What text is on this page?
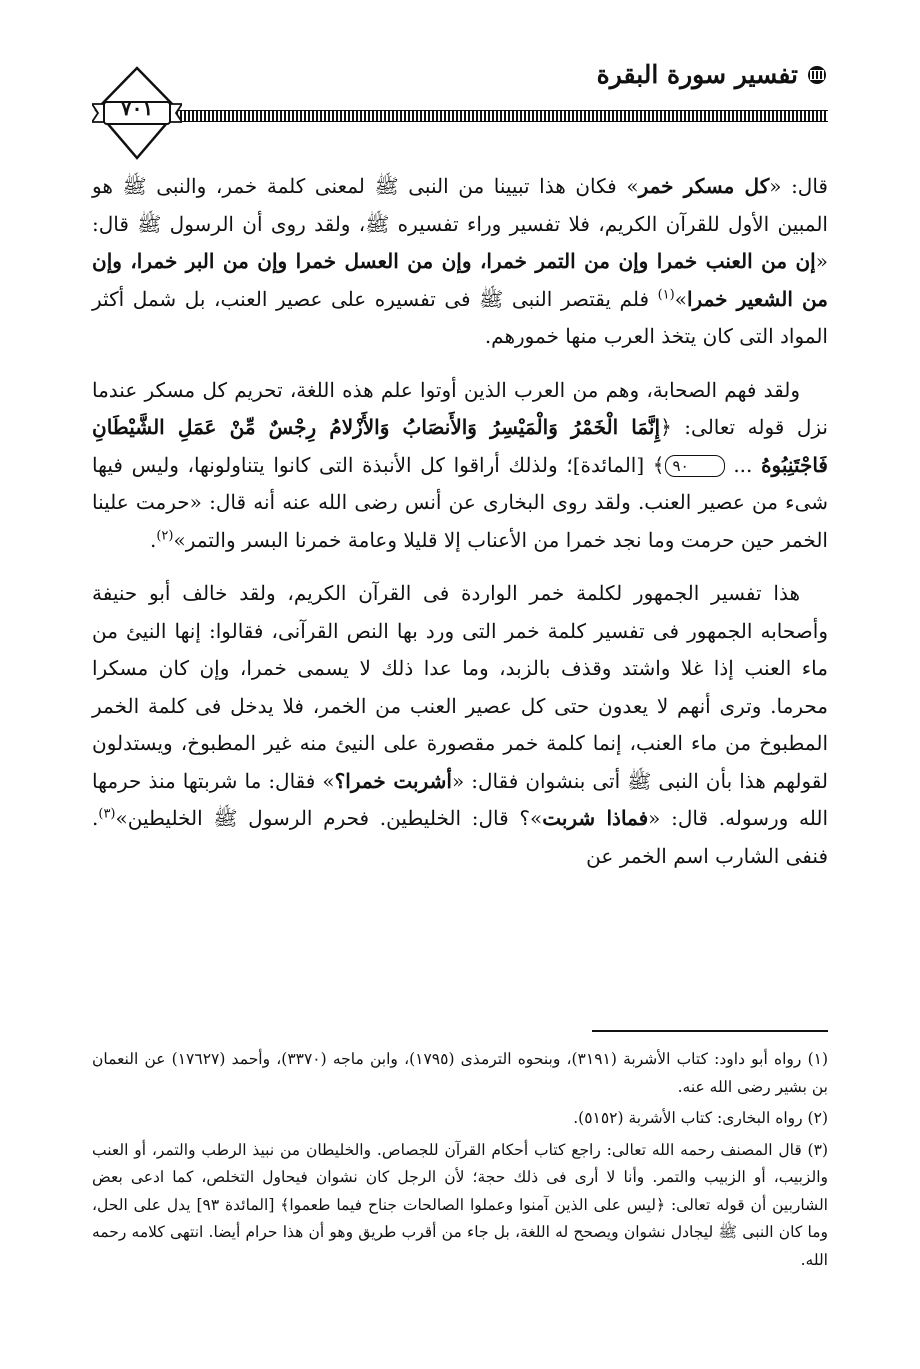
تفسير سورة البقرة
٧٠١

قال: «كل مسكر خمر» فكان هذا تبيينا من النبى ﷺ لمعنى كلمة خمر، والنبى ﷺ هو المبين الأول للقرآن الكريم، فلا تفسير وراء تفسيره ﷺ، ولقد روى أن الرسول ﷺ قال: «إن من العنب خمرا وإن من التمر خمرا، وإن من العسل خمرا وإن من البر خمرا، وإن من الشعير خمرا»$^{(١)}$ فلم يقتصر النبى ﷺ فى تفسيره على عصير العنب، بل شمل أكثر المواد التى كان يتخذ العرب منها خمورهم.

ولقد فهم الصحابة، وهم من العرب الذين أوتوا علم هذه اللغة، تحريم كل مسكر عندما نزل قوله تعالى: ﴿إِنَّمَا الْخَمْرُ وَالْمَيْسِرُ وَالأَنصَابُ وَالأَزْلامُ رِجْسٌ مِّنْ عَمَلِ الشَّيْطَانِ فَاجْتَنِبُوهُ ... ٩٠﴾ [المائدة]؛ ولذلك أراقوا كل الأنبذة التى كانوا يتناولونها، وليس فيها شىء من عصير العنب. ولقد روى البخارى عن أنس رضى الله عنه أنه قال: «حرمت علينا الخمر حين حرمت وما نجد خمرا من الأعناب إلا قليلا وعامة خمرنا البسر والتمر»$^{(٢)}$.

هذا تفسير الجمهور لكلمة خمر الواردة فى القرآن الكريم، ولقد خالف أبو حنيفة وأصحابه الجمهور فى تفسير كلمة خمر التى ورد بها النص القرآنى، فقالوا: إنها النيئ من ماء العنب إذا غلا واشتد وقذف بالزبد، وما عدا ذلك لا يسمى خمرا، وإن كان مسكرا محرما. وترى أنهم لا يعدون حتى كل عصير العنب من الخمر، فلا يدخل فى كلمة الخمر المطبوخ من ماء العنب، إنما كلمة خمر مقصورة على النيئ منه غير المطبوخ، ويستدلون لقولهم هذا بأن النبى ﷺ أتى بنشوان فقال: «أشربت خمرا؟» فقال: ما شربتها منذ حرمها الله ورسوله. قال: «فماذا شربت»؟ قال: الخليطين. فحرم الرسول ﷺ الخليطين»$^{(٣)}$. فنفى الشارب اسم الخمر عن

(١) رواه أبو داود: كتاب الأشربة (٣١٩١)، وبنحوه الترمذى (١٧٩٥)، وابن ماجه (٣٣٧٠)، وأحمد (١٧٦٢٧) عن النعمان بن بشير رضى الله عنه.

(٢) رواه البخارى: كتاب الأشربة (٥١٥٢).

(٣) قال المصنف رحمه الله تعالى: راجع كتاب أحكام القرآن للجصاص. والخليطان من نبيذ الرطب والتمر، أو العنب والزبيب، أو الزبيب والتمر. وأنا لا أرى فى ذلك حجة؛ لأن الرجل كان نشوان فيحاول التخلص، كما ادعى بعض الشاربين أن قوله تعالى: ﴿ليس على الذين آمنوا وعملوا الصالحات جناح فيما طعموا﴾ [المائدة ٩٣] يدل على الحل، وما كان النبى ﷺ ليجادل نشوان ويصحح له اللغة، بل جاء من أقرب طريق وهو أن هذا حرام أيضا. انتهى كلامه رحمه الله.
